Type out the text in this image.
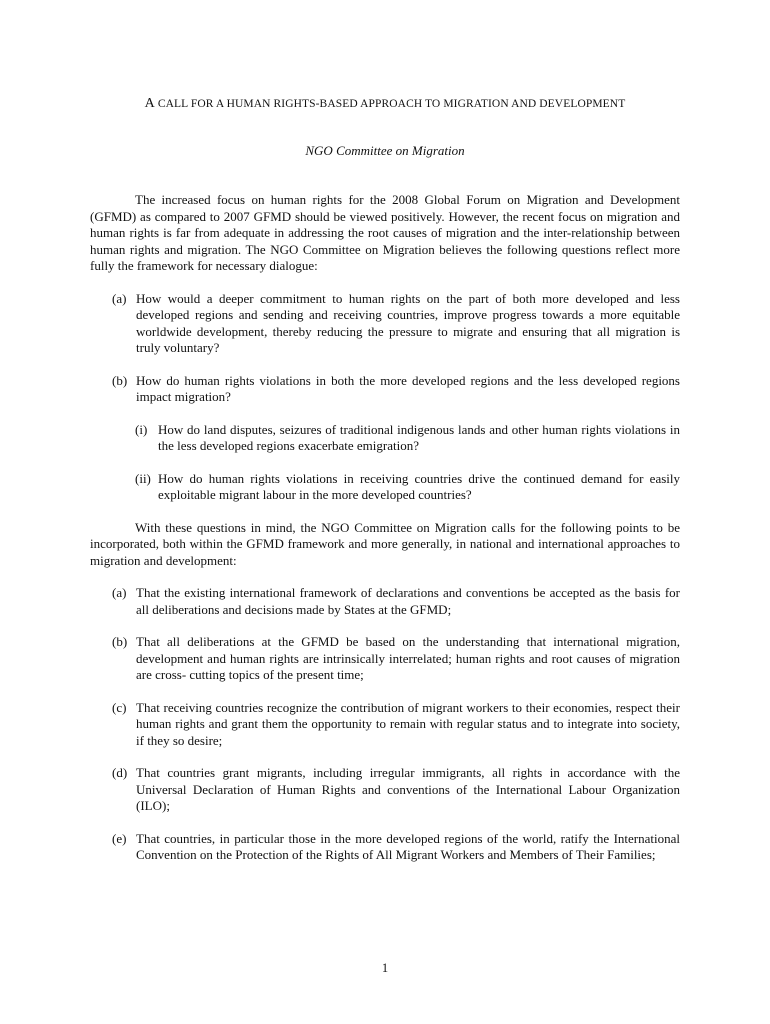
A CALL FOR A HUMAN RIGHTS-BASED APPROACH TO MIGRATION AND DEVELOPMENT
NGO Committee on Migration

The increased focus on human rights for the 2008 Global Forum on Migration and Development (GFMD) as compared to 2007 GFMD should be viewed positively. However, the recent focus on migration and human rights is far from adequate in addressing the root causes of migration and the inter-relationship between human rights and migration. The NGO Committee on Migration believes the following questions reflect more fully the framework for necessary dialogue:

(a) How would a deeper commitment to human rights on the part of both more developed and less developed regions and sending and receiving countries, improve progress towards a more equitable worldwide development, thereby reducing the pressure to migrate and ensuring that all migration is truly voluntary?
(b) How do human rights violations in both the more developed regions and the less developed regions impact migration?
(i) How do land disputes, seizures of traditional indigenous lands and other human rights violations in the less developed regions exacerbate emigration?
(ii) How do human rights violations in receiving countries drive the continued demand for easily exploitable migrant labour in the more developed countries?

With these questions in mind, the NGO Committee on Migration calls for the following points to be incorporated, both within the GFMD framework and more generally, in national and international approaches to migration and development:

(a) That the existing international framework of declarations and conventions be accepted as the basis for all deliberations and decisions made by States at the GFMD;
(b) That all deliberations at the GFMD be based on the understanding that international migration, development and human rights are intrinsically interrelated; human rights and root causes of migration are cross- cutting topics of the present time;
(c) That receiving countries recognize the contribution of migrant workers to their economies, respect their human rights and grant them the opportunity to remain with regular status and to integrate into society, if they so desire;
(d) That countries grant migrants, including irregular immigrants, all rights in accordance with the Universal Declaration of Human Rights and conventions of the International Labour Organization (ILO);
(e) That countries, in particular those in the more developed regions of the world, ratify the International Convention on the Protection of the Rights of All Migrant Workers and Members of Their Families;
1
